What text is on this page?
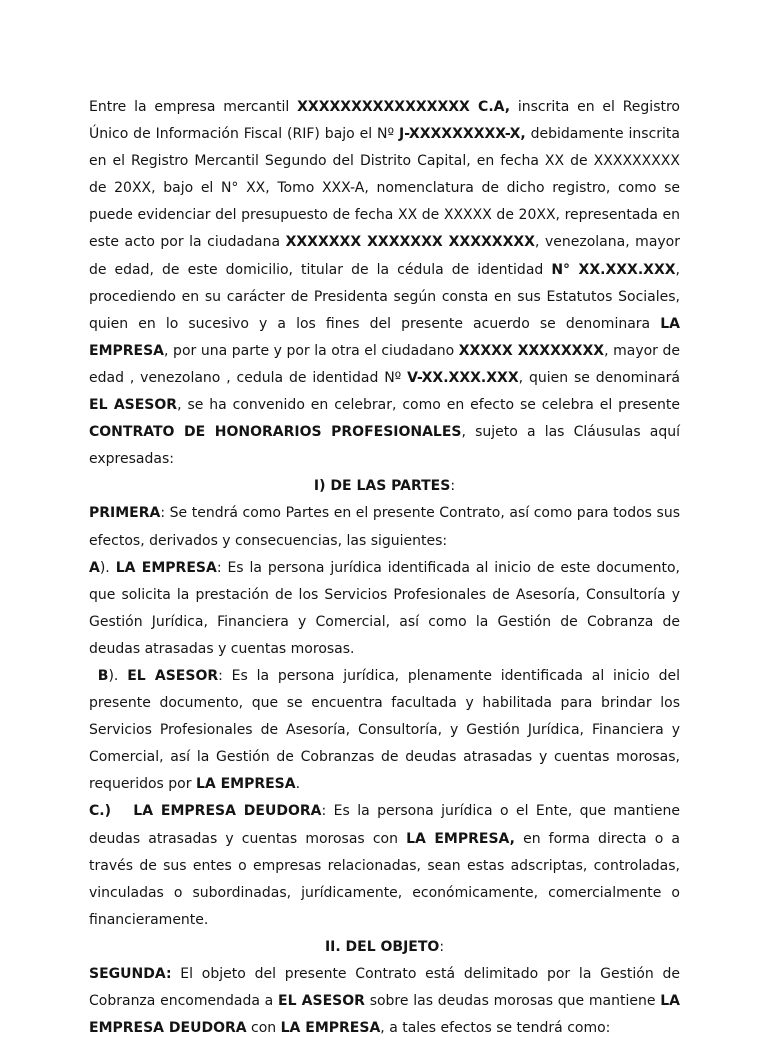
Entre la empresa mercantil XXXXXXXXXXXXXXXX C.A, inscrita en el Registro Único de Información Fiscal (RIF) bajo el Nº J-XXXXXXXXX-X, debidamente inscrita en el Registro Mercantil Segundo del Distrito Capital, en fecha XX de XXXXXXXXX de 20XX, bajo el N° XX, Tomo XXX-A, nomenclatura de dicho registro, como se puede evidenciar del presupuesto de fecha XX de XXXXX de 20XX, representada en este acto por la ciudadana XXXXXXX XXXXXXX XXXXXXXX, venezolana, mayor de edad, de este domicilio, titular de la cédula de identidad N° XX.XXX.XXX, procediendo en su carácter de Presidenta según consta en sus Estatutos Sociales, quien en lo sucesivo y a los fines del presente acuerdo se denominara LA EMPRESA, por una parte y por la otra el ciudadano XXXXX XXXXXXXX, mayor de edad , venezolano , cedula de identidad Nº V-XX.XXX.XXX, quien se denominará EL ASESOR, se ha convenido en celebrar, como en efecto se celebra el presente CONTRATO DE HONORARIOS PROFESIONALES, sujeto a las Cláusulas aquí expresadas:

I) DE LAS PARTES:

PRIMERA: Se tendrá como Partes en el presente Contrato, así como para todos sus efectos, derivados y consecuencias, las siguientes:

A). LA EMPRESA: Es la persona jurídica identificada al inicio de este documento, que solicita la prestación de los Servicios Profesionales de Asesoría, Consultoría y Gestión Jurídica, Financiera y Comercial, así como la Gestión de Cobranza de deudas atrasadas y cuentas morosas.

B). EL ASESOR: Es la persona jurídica, plenamente identificada al inicio del presente documento, que se encuentra facultada y habilitada para brindar los Servicios Profesionales de Asesoría, Consultoría, y Gestión Jurídica, Financiera y Comercial, así la Gestión de Cobranzas de deudas atrasadas y cuentas morosas, requeridos por LA EMPRESA.

C.) LA EMPRESA DEUDORA: Es la persona jurídica o el Ente, que mantiene deudas atrasadas y cuentas morosas con LA EMPRESA, en forma directa o a través de sus entes o empresas relacionadas, sean estas adscriptas, controladas, vinculadas o subordinadas, jurídicamente, económicamente, comercialmente o financieramente.

II. DEL OBJETO:

SEGUNDA: El objeto del presente Contrato está delimitado por la Gestión de Cobranza encomendada a EL ASESOR sobre las deudas morosas que mantiene LA EMPRESA DEUDORA con LA EMPRESA, a tales efectos se tendrá como:
